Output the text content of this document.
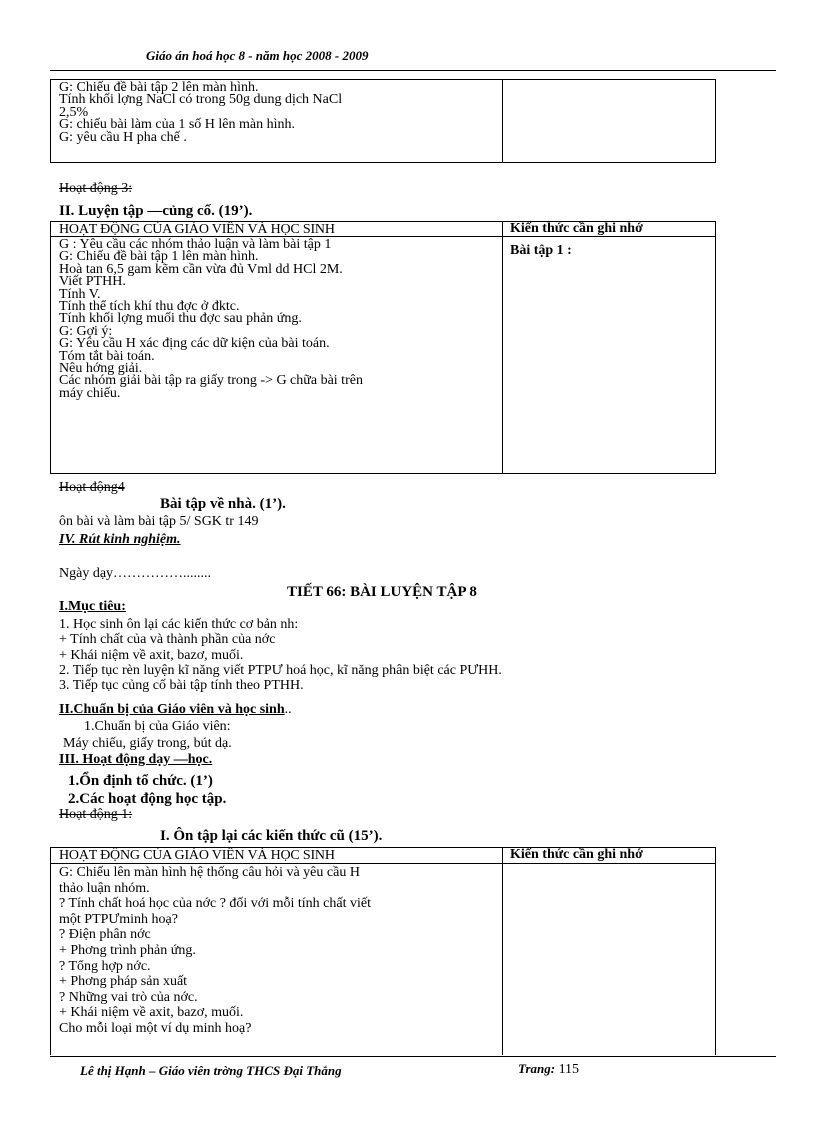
Giáo án hoá học 8 - năm học 2008 - 2009
G: Chiếu đề bài tập 2 lên màn hình.
Tính khối lợng NaCl có trong 50g dung dịch NaCl
2,5%
G: chiếu bài làm của 1 số H lên màn hình.
G: yêu cầu H pha chế .
Hoạt động 3:
II. Luyện tập —củng cố. (19’).
HOẠT ĐỘNG CỦA GIÁO VIÊN VÀ HỌC SINH	Kiến thức cần ghi nhớ
G : Yêu cầu các nhóm thảo luận và làm bài tập 1
G: Chiếu đề bài tập 1 lên màn hình.
Hoà tan 6,5 gam kẽm cần vừa đủ Vml dd HCl 2M.
Viết PTHH.
Tính V.
Tính thể tích khí thu đợc ở đktc.
Tính khối lợng muối thu đợc sau phản ứng.
G: Gợi ý:
G: Yêu cầu H xác địng các dữ kiện của bài toán.
Tóm tắt bài toán.
Nêu hớng giải.
Các nhóm giải bài tập ra giấy trong -> G chữa bài trên
máy chiếu.
Bài tập 1 :
Hoạt động4
Bài tập về nhà. (1’).
ôn bài và làm bài tập 5/ SGK tr 149
IV. Rút kinh nghiệm.
Ngày dạy……………........
TIẾT 66: BÀI LUYỆN TẬP 8
I.Mục tiêu:
1. Học sinh ôn lại các kiến thức cơ bản nh:
+ Tính chất của và thành phần của nớc
+ Khái niệm về axit, bazơ, muối.
2. Tiếp tục rèn luyện kĩ năng viết PTPƯ hoá học, kĩ năng phân biệt các PƯHH.
3. Tiếp tục củng cố bài tập tính theo PTHH.
II.Chuẩn bị của Giáo viên và học sinh..
1.Chuẩn bị của Giáo viên:
Máy chiếu, giấy trong, bút dạ.
III. Hoạt động dạy —học.
1.Ổn định tổ chức. (1’)
2.Các hoạt động học tập.
Hoạt động 1:
I. Ôn tập lại các kiến thức cũ (15’).
HOẠT ĐỘNG CỦA GIÁO VIÊN VÀ HỌC SINH	Kiến thức cần ghi nhớ
G: Chiếu lên màn hình hệ thống câu hỏi và yêu cầu H
thảo luận nhóm.
? Tính chất hoá học của nớc ? đối với mỗi tính chất viết
một PTPƯminh hoạ?
? Điện phân nớc
+ Phơng trình phản ứng.
? Tổng hợp nớc.
+ Phơng pháp sản xuất
? Những vai trò của nớc.
+ Khái niệm về axit, bazơ, muối.
Cho mỗi loại một ví dụ minh hoạ?
Lê thị Hạnh – Giáo viên trờng THCS Đại Thắng	Trang: 115
